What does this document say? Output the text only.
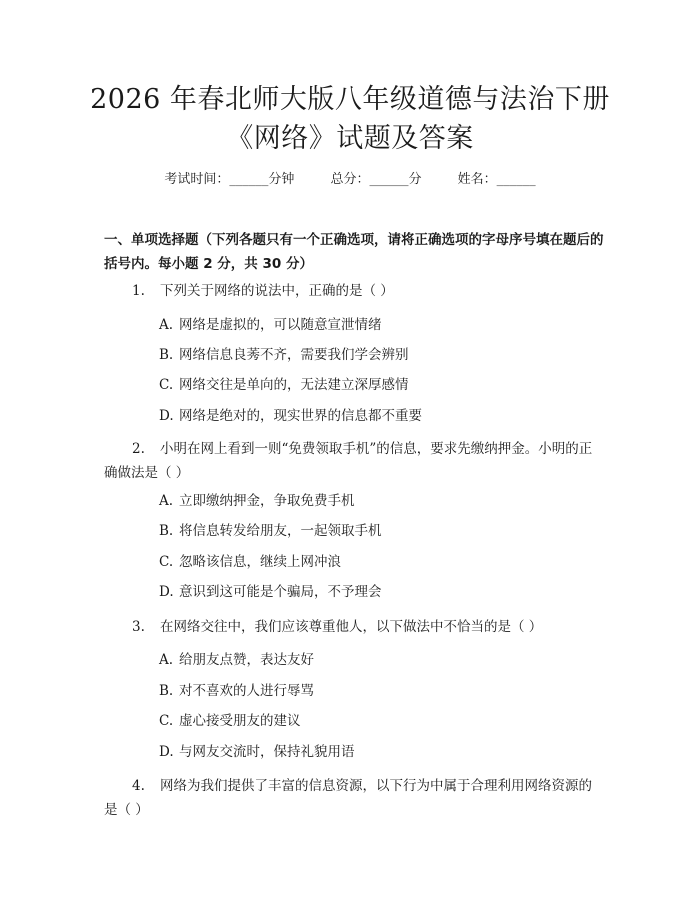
2026 年春北师大版八年级道德与法治下册
《网络》试题及答案
考试时间：______分钟	总分：______分	姓名：______
一、单项选择题（下列各题只有一个正确选项，请将正确选项的字母序号填在题后的括号内。每小题 2 分，共 30 分）
1. 下列关于网络的说法中，正确的是（ ）
A. 网络是虚拟的，可以随意宣泄情绪
B. 网络信息良莠不齐，需要我们学会辨别
C. 网络交往是单向的，无法建立深厚感情
D. 网络是绝对的，现实世界的信息都不重要
2. 小明在网上看到一则“免费领取手机”的信息，要求先缴纳押金。小明的正确做法是（ ）
A. 立即缴纳押金，争取免费手机
B. 将信息转发给朋友，一起领取手机
C. 忽略该信息，继续上网冲浪
D. 意识到这可能是个骗局，不予理会
3. 在网络交往中，我们应该尊重他人，以下做法中不恰当的是（ ）
A. 给朋友点赞，表达友好
B. 对不喜欢的人进行辱骂
C. 虚心接受朋友的建议
D. 与网友交流时，保持礼貌用语
4. 网络为我们提供了丰富的信息资源，以下行为中属于合理利用网络资源的是（ ）
